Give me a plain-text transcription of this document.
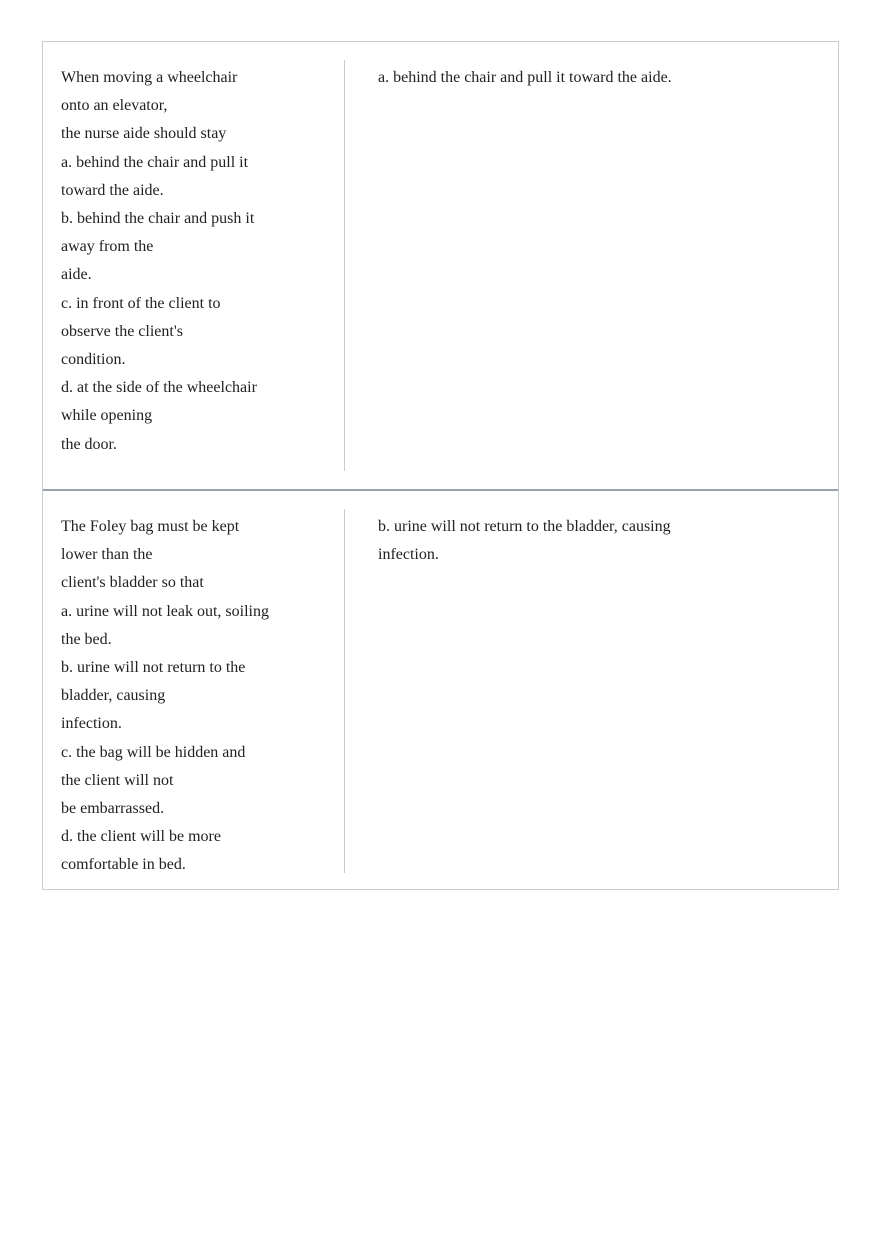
When moving a wheelchair
onto an elevator,
the nurse aide should stay
a. behind the chair and pull it
toward the aide.
b. behind the chair and push it
away from the
aide.
c. in front of the client to
observe the client's
condition.
d. at the side of the wheelchair
while opening
the door.
a. behind the chair and pull it toward the aide.
The Foley bag must be kept
lower than the
client's bladder so that
a. urine will not leak out, soiling
the bed.
b. urine will not return to the
bladder, causing
infection.
c. the bag will be hidden and
the client will not
be embarrassed.
d. the client will be more
comfortable in bed.
b. urine will not return to the bladder, causing
infection.
